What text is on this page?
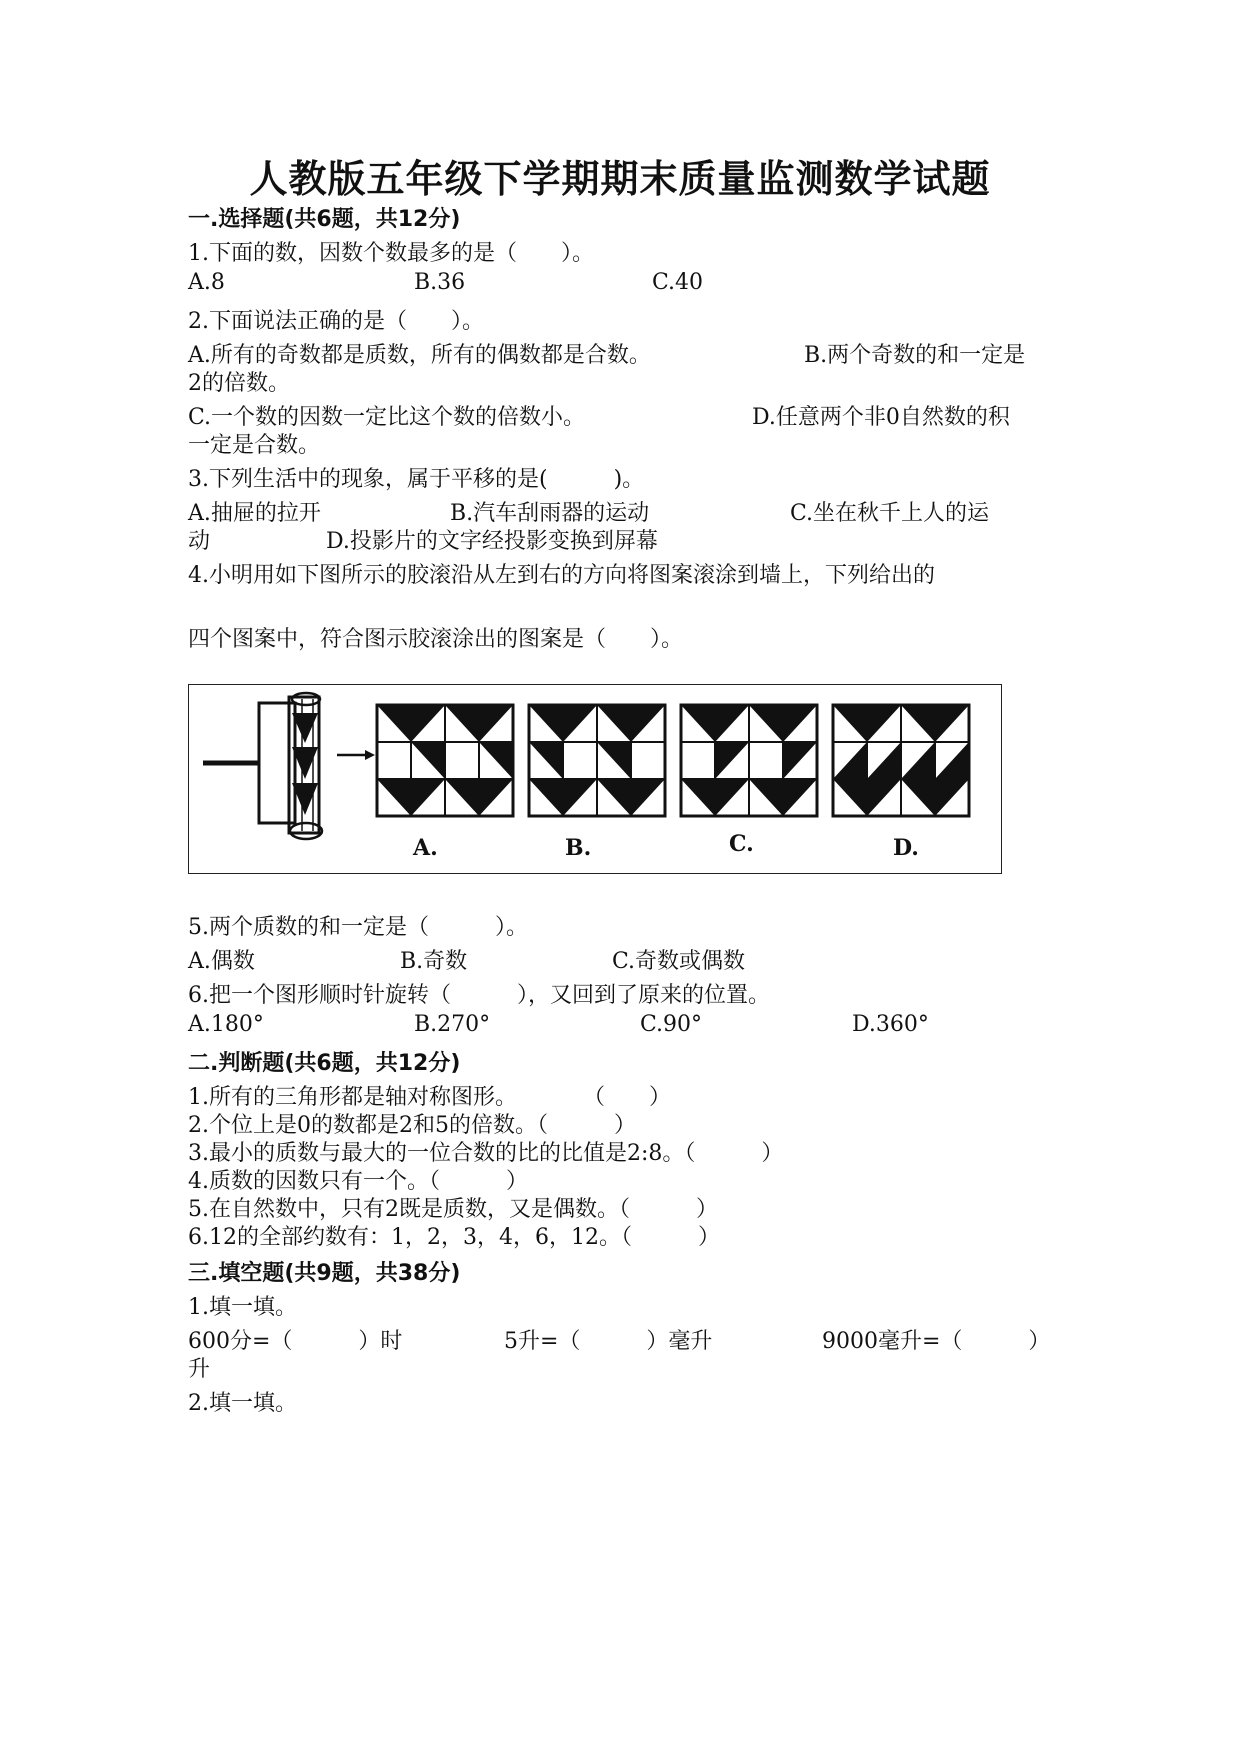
人教版五年级下学期期末质量监测数学试题
一.选择题(共6题，共12分)
1.下面的数，因数个数最多的是（　　）。
A.8	B.36	C.40
2.下面说法正确的是（　　）。
A.所有的奇数都是质数，所有的偶数都是合数。	B.两个奇数的和一定是
2的倍数。
C.一个数的因数一定比这个数的倍数小。	D.任意两个非0自然数的积
一定是合数。
3.下列生活中的现象，属于平移的是(　　　)。
A.抽屉的拉开	B.汽车刮雨器的运动	C.坐在秋千上人的运
动	D.投影片的文字经投影变换到屏幕
4.小明用如下图所示的胶滚沿从左到右的方向将图案滚涂到墙上，下列给出的
四个图案中，符合图示胶滚涂出的图案是（　　）。
A.	B.	C.	D.
5.两个质数的和一定是（　　　）。
A.偶数	B.奇数	C.奇数或偶数
6.把一个图形顺时针旋转（　　　），又回到了原来的位置。
A.180°	B.270°	C.90°	D.360°
二.判断题(共6题，共12分)
1.所有的三角形都是轴对称图形。　　　　（　　）
2.个位上是0的数都是2和5的倍数。（　　　）
3.最小的质数与最大的一位合数的比的比值是2:8。（　　　）
4.质数的因数只有一个。（　　　）
5.在自然数中，只有2既是质数，又是偶数。（　　　）
6.12的全部约数有：1，2，3，4，6，12。（　　　）
三.填空题(共9题，共38分)
1.填一填。
600分=（　　　）时	5升=（　　　）毫升	9000毫升=（　　　）
升
2.填一填。
